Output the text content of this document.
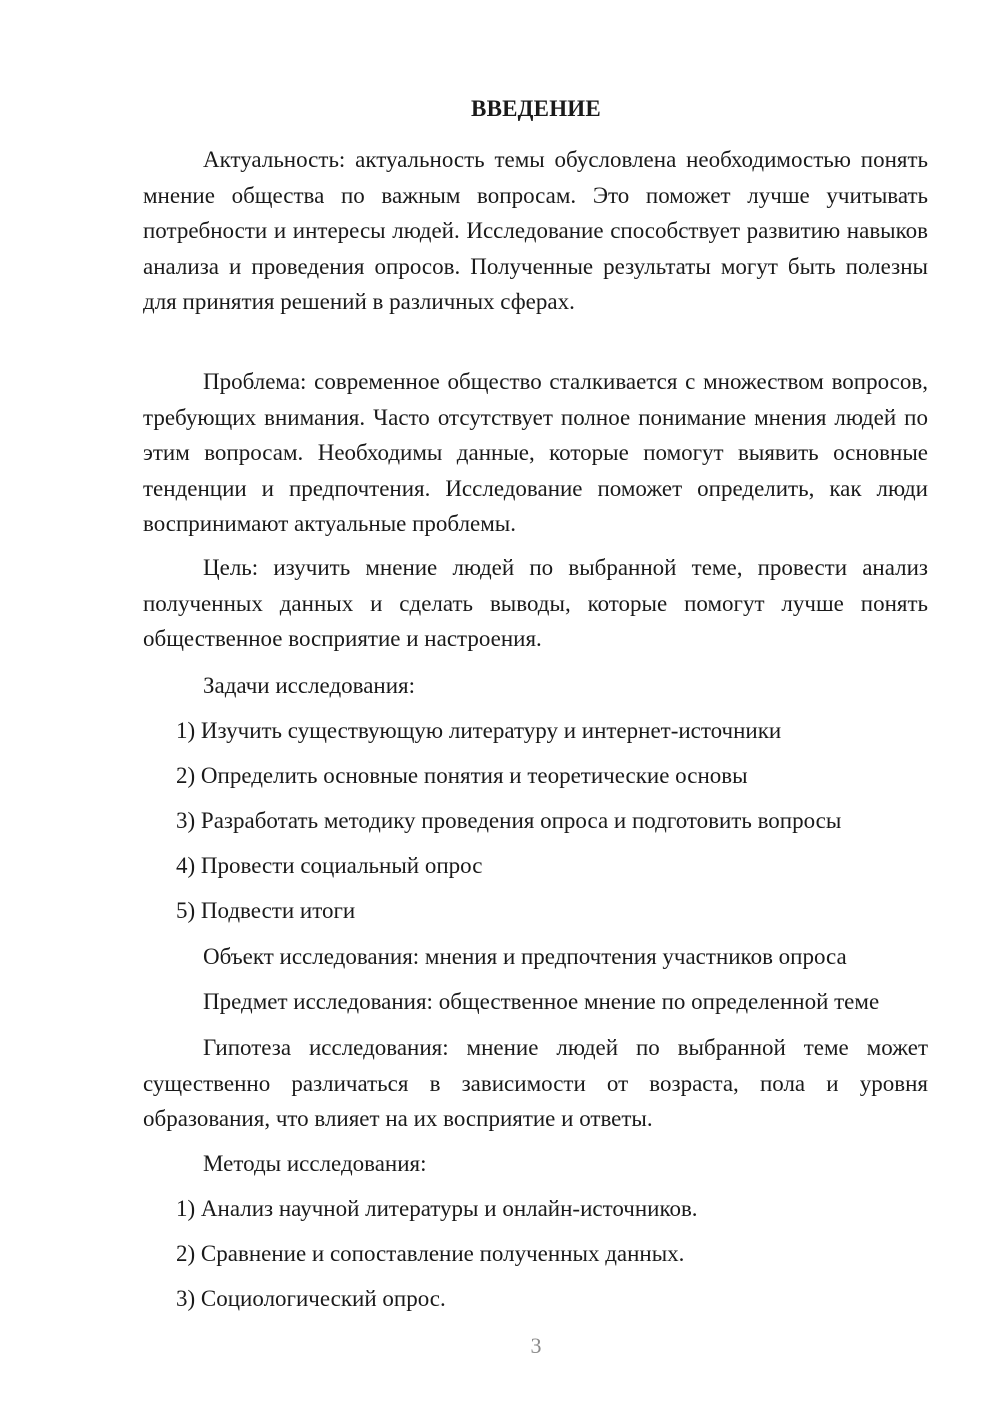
ВВЕДЕНИЕ

Актуальность: актуальность темы обусловлена необходимостью понять мнение общества по важным вопросам. Это поможет лучше учитывать потребности и интересы людей. Исследование способствует развитию навыков анализа и проведения опросов. Полученные результаты могут быть полезны для принятия решений в различных сферах.

Проблема: современное общество сталкивается с множеством вопросов, требующих внимания. Часто отсутствует полное понимание мнения людей по этим вопросам. Необходимы данные, которые помогут выявить основные тенденции и предпочтения. Исследование поможет определить, как люди воспринимают актуальные проблемы.

Цель: изучить мнение людей по выбранной теме, провести анализ полученных данных и сделать выводы, которые помогут лучше понять общественное восприятие и настроения.

Задачи исследования:

1) Изучить существующую литературу и интернет-источники

2) Определить основные понятия и теоретические основы

3) Разработать методику проведения опроса и подготовить вопросы

4) Провести социальный опрос

5) Подвести итоги

Объект исследования: мнения и предпочтения участников опроса

Предмет исследования: общественное мнение по определенной теме

Гипотеза исследования: мнение людей по выбранной теме может существенно различаться в зависимости от возраста, пола и уровня образования, что влияет на их восприятие и ответы.

Методы исследования:

1) Анализ научной литературы и онлайн-источников.

2) Сравнение и сопоставление полученных данных.

3) Социологический опрос.

3
